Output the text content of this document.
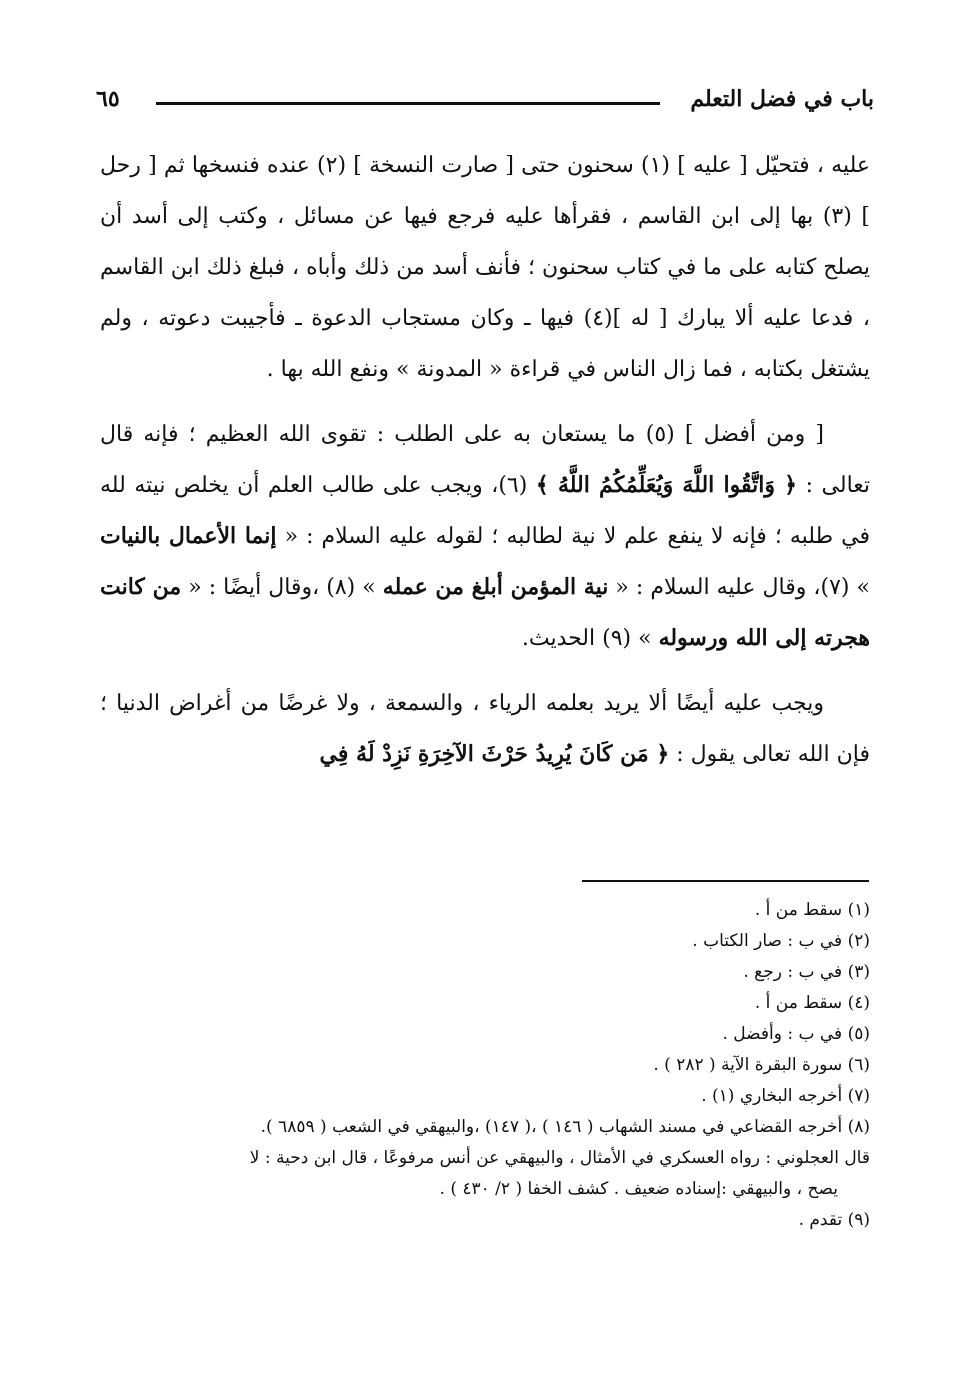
باب في فضل التعلم
٦٥

عليه ، فتحيّل [ عليه ] (١) سحنون حتى [ صارت النسخة ] (٢) عنده فنسخها ثم [ رحل ] (٣) بها إلى ابن القاسم ، فقرأها عليه فرجع فيها عن مسائل ، وكتب إلى أسد أن يصلح كتابه على ما في كتاب سحنون ؛ فأنف أسد من ذلك وأباه ، فبلغ ذلك ابن القاسم ، فدعا عليه ألا يبارك [ له ](٤) فيها ـ وكان مستجاب الدعوة ـ فأجيبت دعوته ، ولم يشتغل بكتابه ، فما زال الناس في قراءة « المدونة » ونفع الله بها .

[ ومن أفضل ] (٥) ما يستعان به على الطلب : تقوى الله العظيم ؛ فإنه قال تعالى : ﴿ وَاتَّقُوا اللَّهَ وَيُعَلِّمُكُمُ اللَّهُ ﴾ (٦)، ويجب على طالب العلم أن يخلص نيته لله في طلبه ؛ فإنه لا ينفع علم لا نية لطالبه ؛ لقوله عليه السلام : « إنما الأعمال بالنيات » (٧)، وقال عليه السلام : « نية المؤمن أبلغ من عمله » (٨) ،وقال أيضًا : « من كانت هجرته إلى الله ورسوله » (٩) الحديث.

ويجب عليه أيضًا ألا يريد بعلمه الرياء ، والسمعة ، ولا غرضًا من أغراض الدنيا ؛ فإن الله تعالى يقول : ﴿ مَن كَانَ يُرِيدُ حَرْثَ الآخِرَةِ نَزِدْ لَهُ فِي

(١) سقط من أ .

(٢) في ب : صار الكتاب .

(٣) في ب : رجع .

(٤) سقط من أ .

(٥) في ب : وأفضل .

(٦) سورة البقرة الآية ( ٢٨٢ ) .

(٧) أخرجه البخاري (١) .

(٨) أخرجه القضاعي في مسند الشهاب ( ١٤٦ ) ،( ١٤٧) ،والبيهقي في الشعب ( ٦٨٥٩ ).

قال العجلوني : رواه العسكري في الأمثال ، والبيهقي عن أنس مرفوعًا ، قال ابن دحية : لا

يصح ، والبيهقي :إسناده ضعيف . كشف الخفا ( ٢/ ٤٣٠ ) .

(٩) تقدم .
